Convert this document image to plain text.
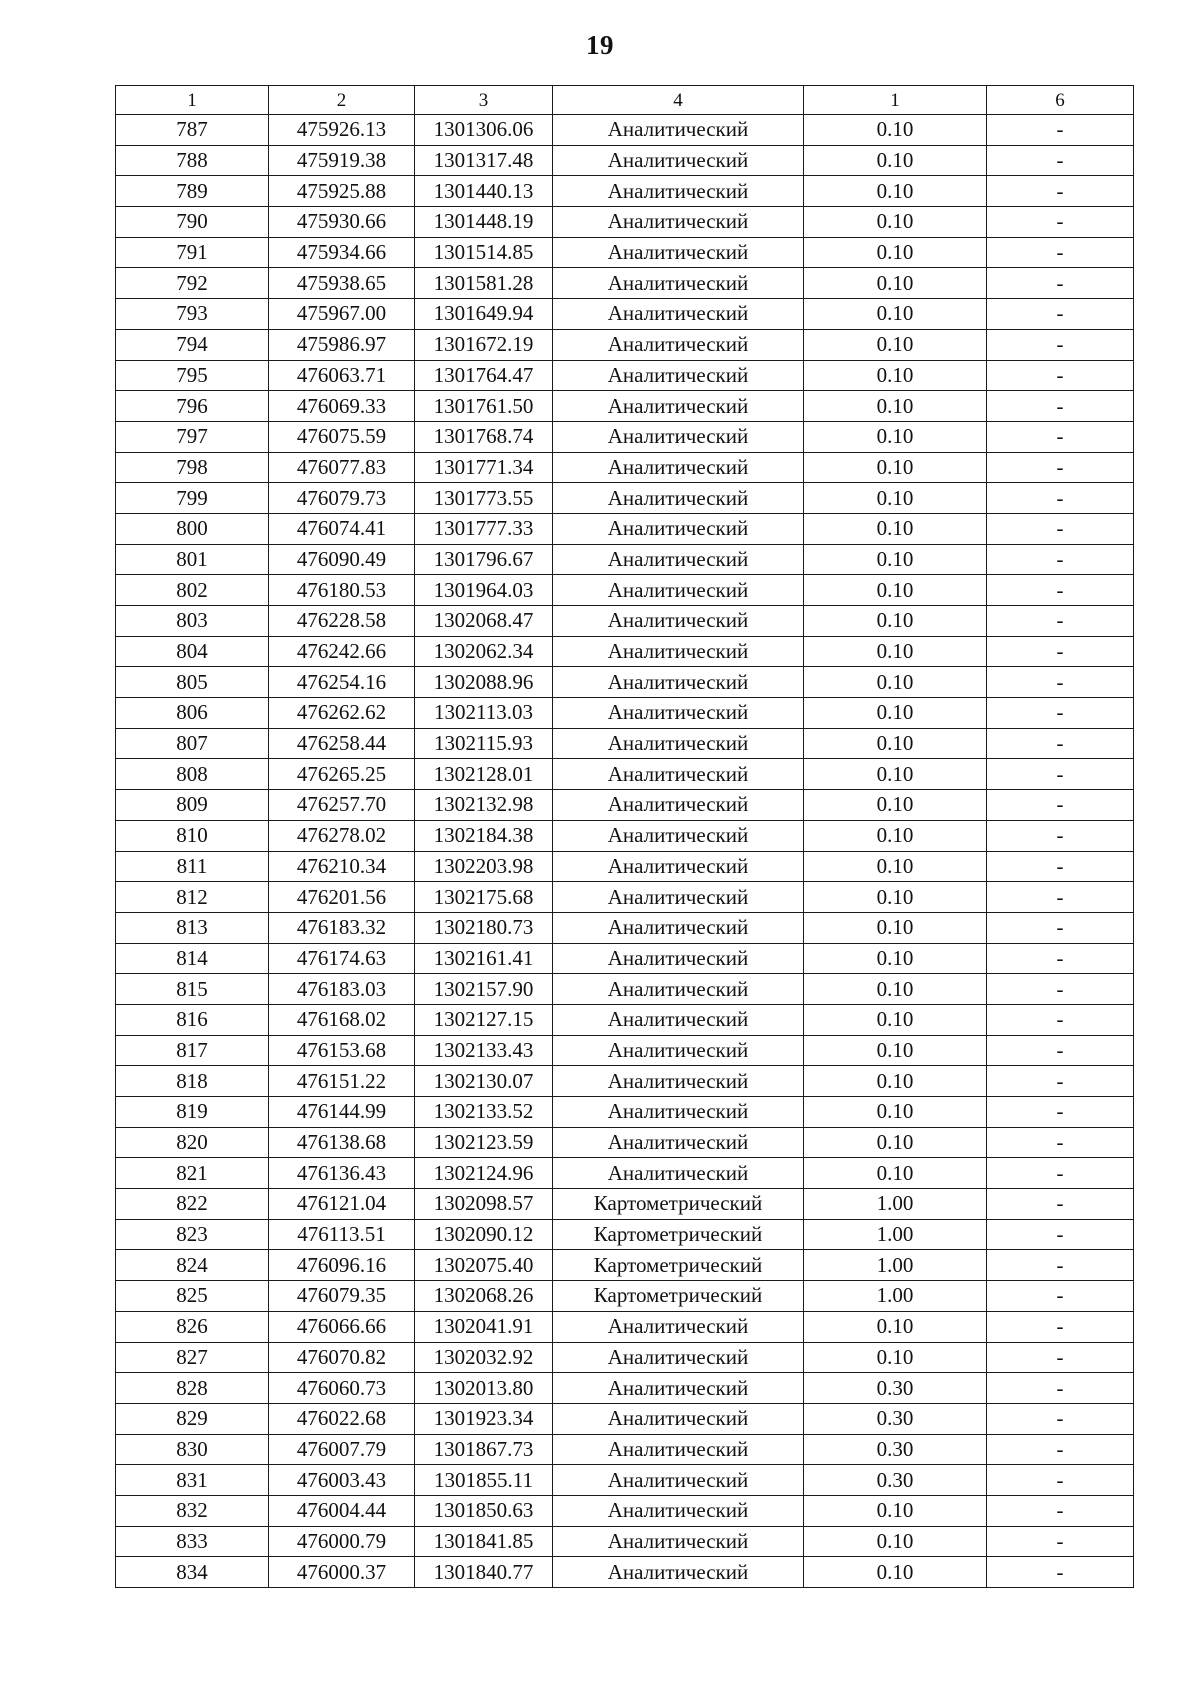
19
1	2	3	4	1	6
787	475926.13	1301306.06	Аналитический	0.10	-
788	475919.38	1301317.48	Аналитический	0.10	-
789	475925.88	1301440.13	Аналитический	0.10	-
790	475930.66	1301448.19	Аналитический	0.10	-
791	475934.66	1301514.85	Аналитический	0.10	-
792	475938.65	1301581.28	Аналитический	0.10	-
793	475967.00	1301649.94	Аналитический	0.10	-
794	475986.97	1301672.19	Аналитический	0.10	-
795	476063.71	1301764.47	Аналитический	0.10	-
796	476069.33	1301761.50	Аналитический	0.10	-
797	476075.59	1301768.74	Аналитический	0.10	-
798	476077.83	1301771.34	Аналитический	0.10	-
799	476079.73	1301773.55	Аналитический	0.10	-
800	476074.41	1301777.33	Аналитический	0.10	-
801	476090.49	1301796.67	Аналитический	0.10	-
802	476180.53	1301964.03	Аналитический	0.10	-
803	476228.58	1302068.47	Аналитический	0.10	-
804	476242.66	1302062.34	Аналитический	0.10	-
805	476254.16	1302088.96	Аналитический	0.10	-
806	476262.62	1302113.03	Аналитический	0.10	-
807	476258.44	1302115.93	Аналитический	0.10	-
808	476265.25	1302128.01	Аналитический	0.10	-
809	476257.70	1302132.98	Аналитический	0.10	-
810	476278.02	1302184.38	Аналитический	0.10	-
811	476210.34	1302203.98	Аналитический	0.10	-
812	476201.56	1302175.68	Аналитический	0.10	-
813	476183.32	1302180.73	Аналитический	0.10	-
814	476174.63	1302161.41	Аналитический	0.10	-
815	476183.03	1302157.90	Аналитический	0.10	-
816	476168.02	1302127.15	Аналитический	0.10	-
817	476153.68	1302133.43	Аналитический	0.10	-
818	476151.22	1302130.07	Аналитический	0.10	-
819	476144.99	1302133.52	Аналитический	0.10	-
820	476138.68	1302123.59	Аналитический	0.10	-
821	476136.43	1302124.96	Аналитический	0.10	-
822	476121.04	1302098.57	Картометрический	1.00	-
823	476113.51	1302090.12	Картометрический	1.00	-
824	476096.16	1302075.40	Картометрический	1.00	-
825	476079.35	1302068.26	Картометрический	1.00	-
826	476066.66	1302041.91	Аналитический	0.10	-
827	476070.82	1302032.92	Аналитический	0.10	-
828	476060.73	1302013.80	Аналитический	0.30	-
829	476022.68	1301923.34	Аналитический	0.30	-
830	476007.79	1301867.73	Аналитический	0.30	-
831	476003.43	1301855.11	Аналитический	0.30	-
832	476004.44	1301850.63	Аналитический	0.10	-
833	476000.79	1301841.85	Аналитический	0.10	-
834	476000.37	1301840.77	Аналитический	0.10	-
